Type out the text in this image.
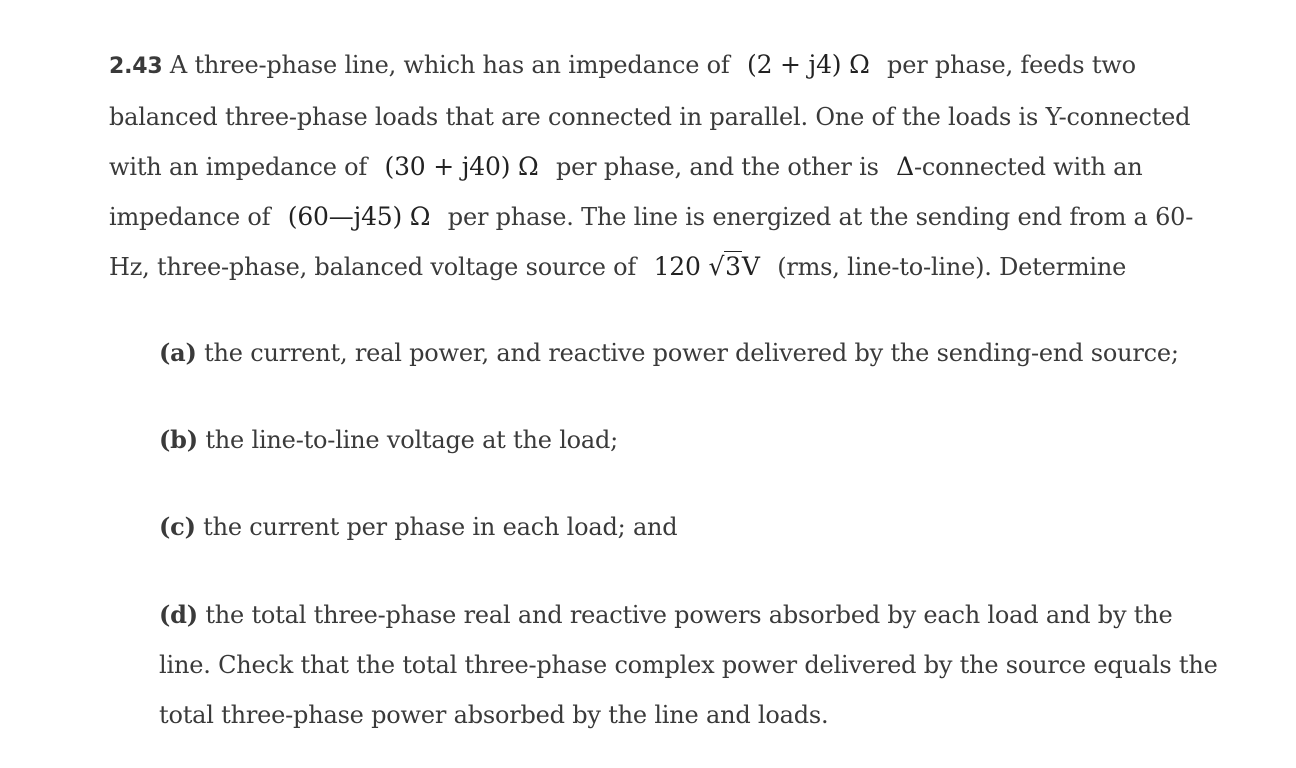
2.43 A three-phase line, which has an impedance of (2 + j4) Ω per phase, feeds two balanced three-phase loads that are connected in parallel. One of the loads is Y-connected with an impedance of (30 + j40) Ω per phase, and the other is Δ-connected with an impedance of (60—j45) Ω per phase. The line is energized at the sending end from a 60-Hz, three-phase, balanced voltage source of 120 √3V (rms, line-to-line). Determine
(a) the current, real power, and reactive power delivered by the sending-end source;
(b) the line-to-line voltage at the load;
(c) the current per phase in each load; and
(d) the total three-phase real and reactive powers absorbed by each load and by the line. Check that the total three-phase complex power delivered by the source equals the total three-phase power absorbed by the line and loads.
